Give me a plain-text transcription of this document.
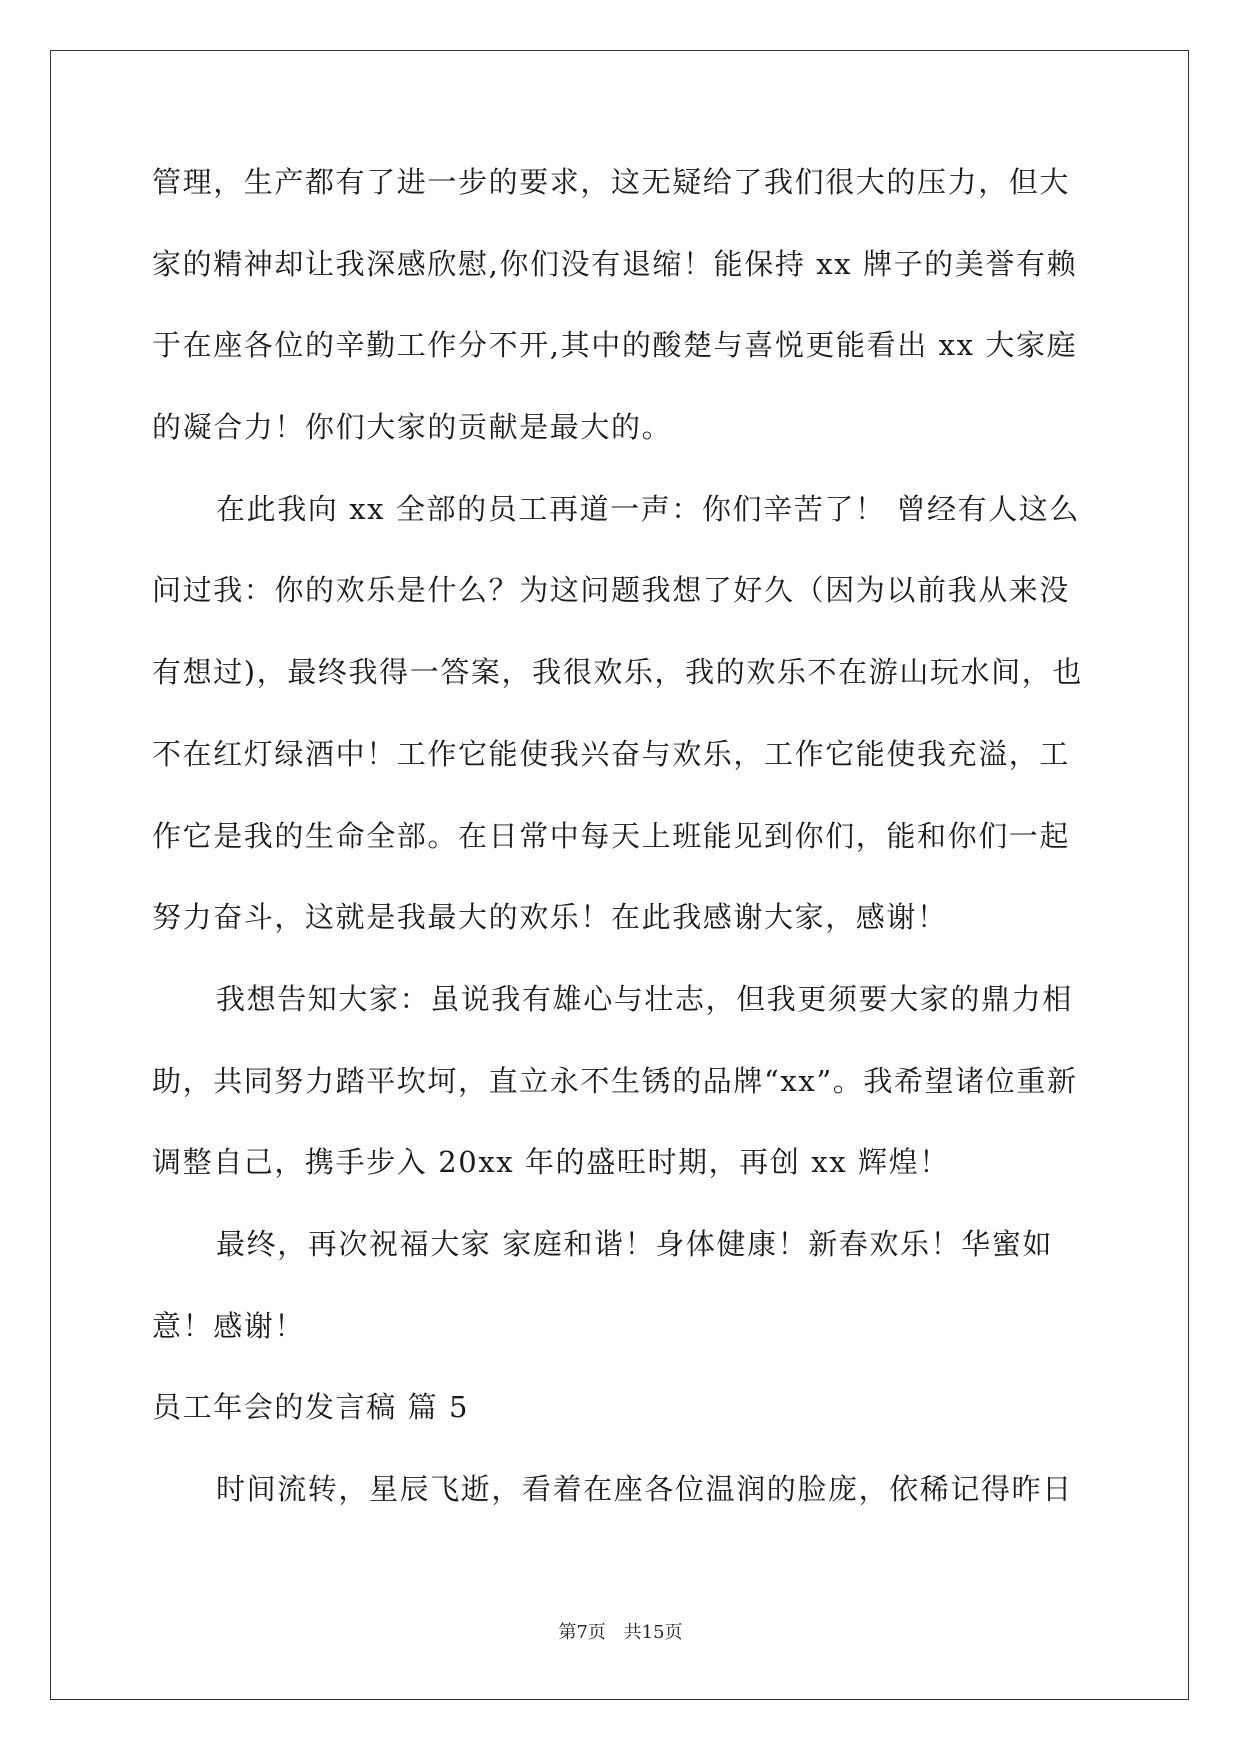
管理，生产都有了进一步的要求，这无疑给了我们很大的压力，但大
家的精神却让我深感欣慰,你们没有退缩！能保持 xx 牌子的美誉有赖
于在座各位的辛勤工作分不开,其中的酸楚与喜悦更能看出 xx 大家庭
的凝合力！你们大家的贡献是最大的。
在此我向 xx 全部的员工再道一声：你们辛苦了！ 曾经有人这么
问过我：你的欢乐是什么？为这问题我想了好久（因为以前我从来没
有想过)，最终我得一答案，我很欢乐，我的欢乐不在游山玩水间，也
不在红灯绿酒中！工作它能使我兴奋与欢乐，工作它能使我充溢，工
作它是我的生命全部。在日常中每天上班能见到你们，能和你们一起
努力奋斗，这就是我最大的欢乐！在此我感谢大家，感谢！
我想告知大家：虽说我有雄心与壮志，但我更须要大家的鼎力相
助，共同努力踏平坎坷，直立永不生锈的品牌“xx”。我希望诸位重新
调整自己，携手步入 20xx 年的盛旺时期，再创 xx 辉煌！
最终，再次祝福大家 家庭和谐！身体健康！新春欢乐！华蜜如
意！感谢！
员工年会的发言稿 篇 5
时间流转，星辰飞逝，看着在座各位温润的脸庞，依稀记得昨日
第7页 共15页
